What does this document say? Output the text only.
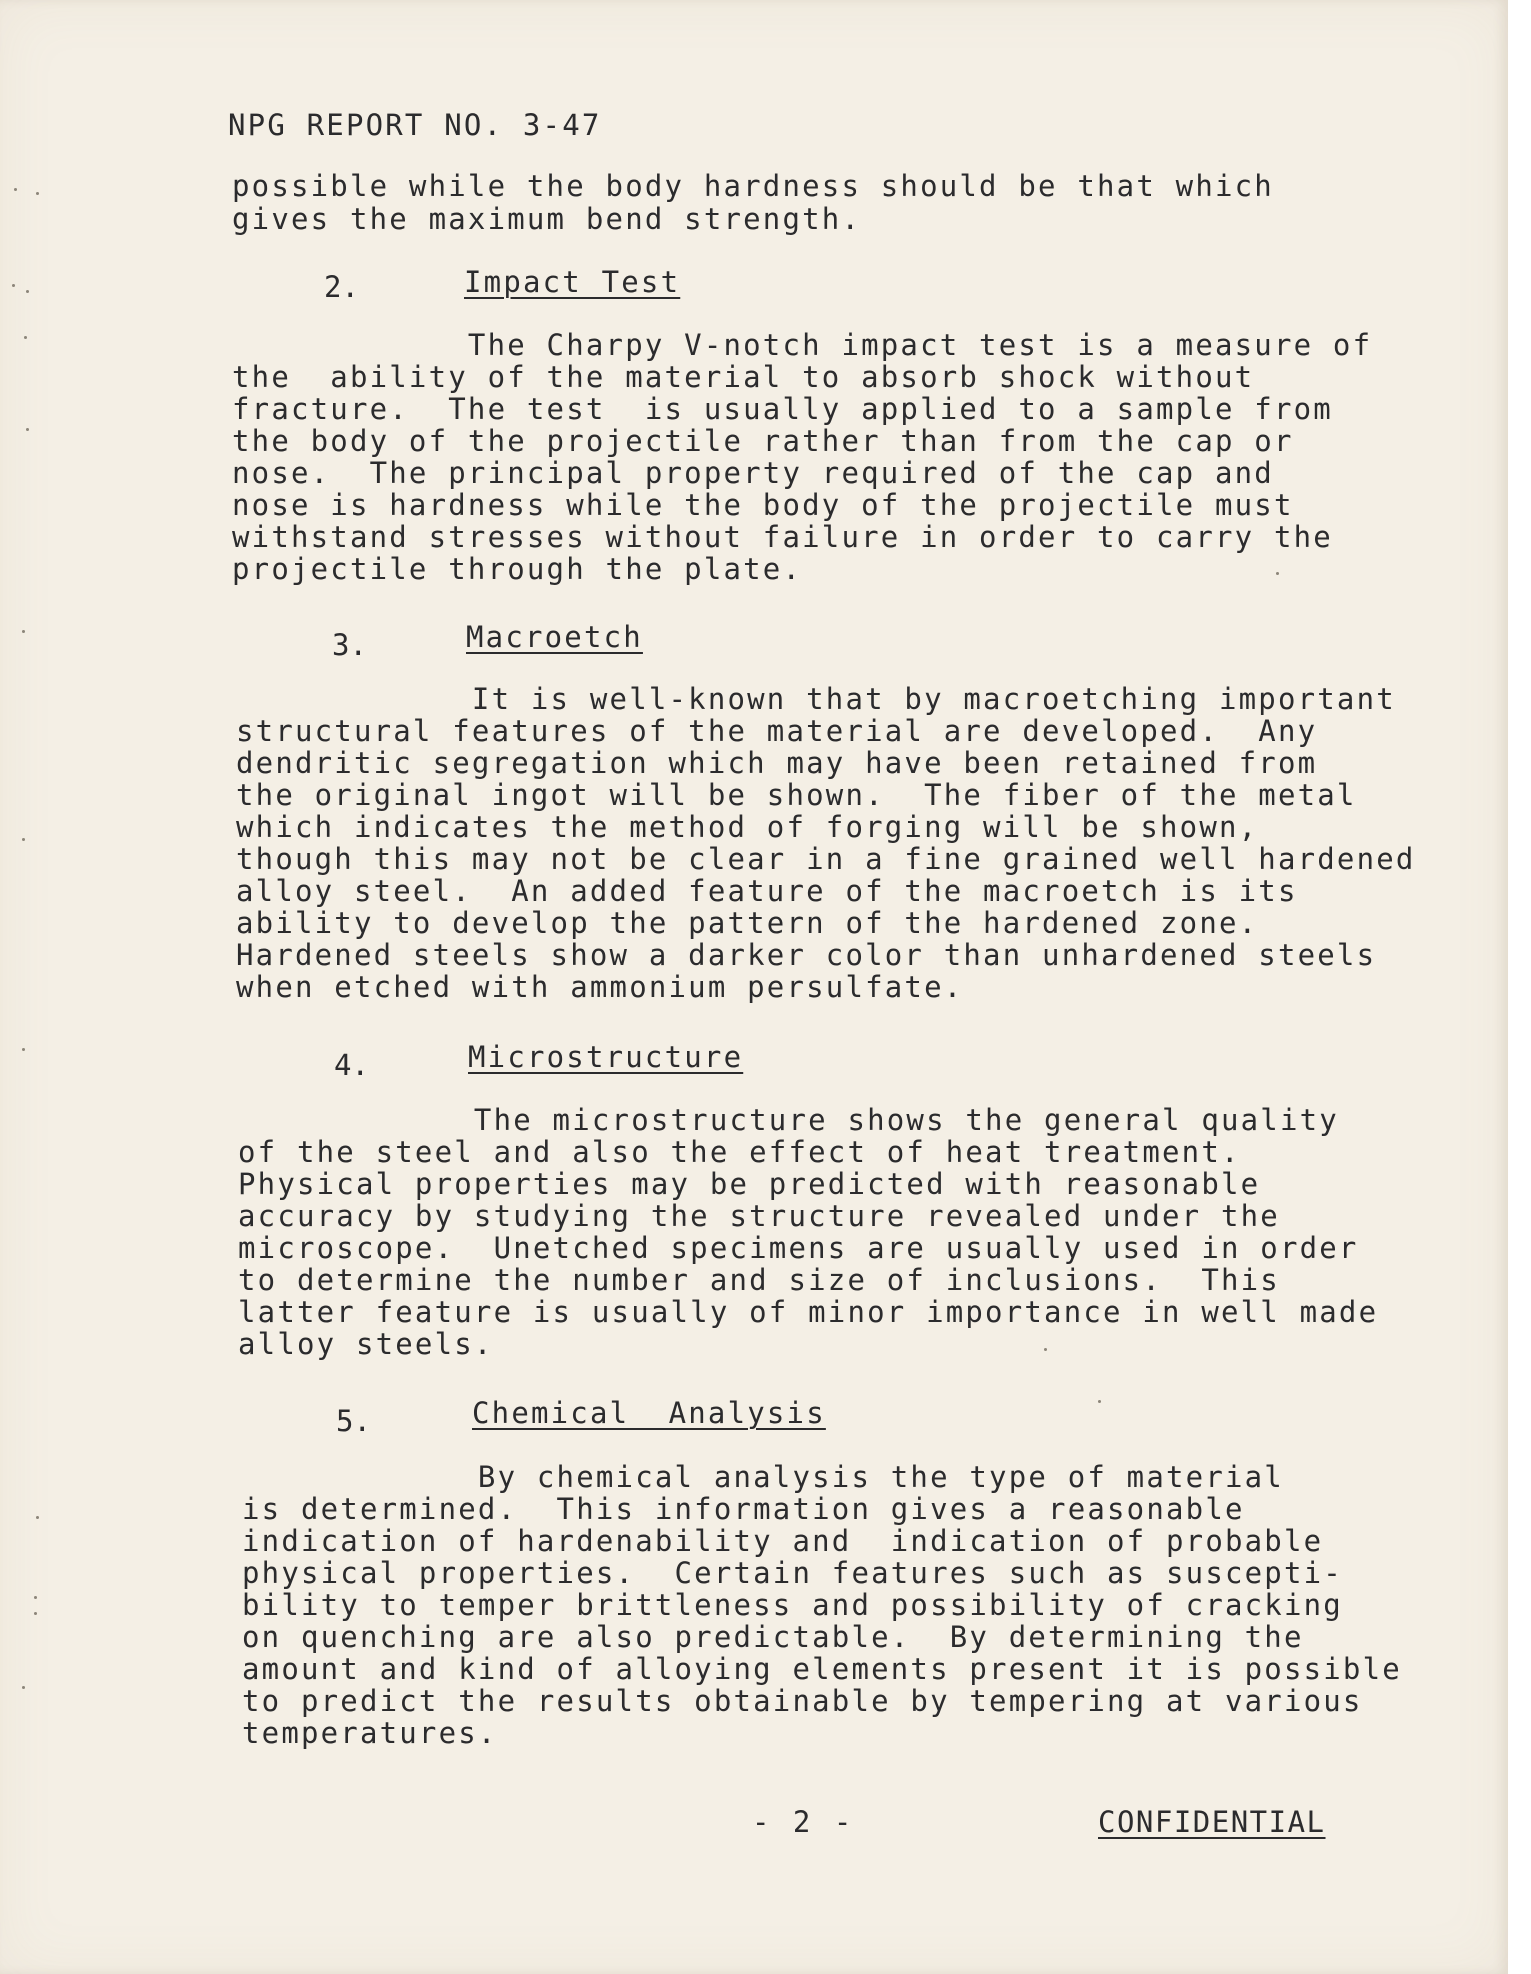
NPG REPORT NO. 3-47
possible while the body hardness should be that which
gives the maximum bend strength.
2.	Impact Test
The Charpy V-notch impact test is a measure of
the  ability of the material to absorb shock without
fracture.  The test  is usually applied to a sample from
the body of the projectile rather than from the cap or
nose.  The principal property required of the cap and
nose is hardness while the body of the projectile must
withstand stresses without failure in order to carry the
projectile through the plate.
3.	Macroetch
It is well-known that by macroetching important
structural features of the material are developed.  Any
dendritic segregation which may have been retained from
the original ingot will be shown.  The fiber of the metal
which indicates the method of forging will be shown,
though this may not be clear in a fine grained well hardened
alloy steel.  An added feature of the macroetch is its
ability to develop the pattern of the hardened zone.
Hardened steels show a darker color than unhardened steels
when etched with ammonium persulfate.
4.	Microstructure
The microstructure shows the general quality
of the steel and also the effect of heat treatment.
Physical properties may be predicted with reasonable
accuracy by studying the structure revealed under the
microscope.  Unetched specimens are usually used in order
to determine the number and size of inclusions.  This
latter feature is usually of minor importance in well made
alloy steels.
5.	Chemical  Analysis
By chemical analysis the type of material
is determined.  This information gives a reasonable
indication of hardenability and  indication of probable
physical properties.  Certain features such as suscepti-
bility to temper brittleness and possibility of cracking
on quenching are also predictable.  By determining the
amount and kind of alloying elements present it is possible
to predict the results obtainable by tempering at various
temperatures.
- 2 -	CONFIDENTIAL
